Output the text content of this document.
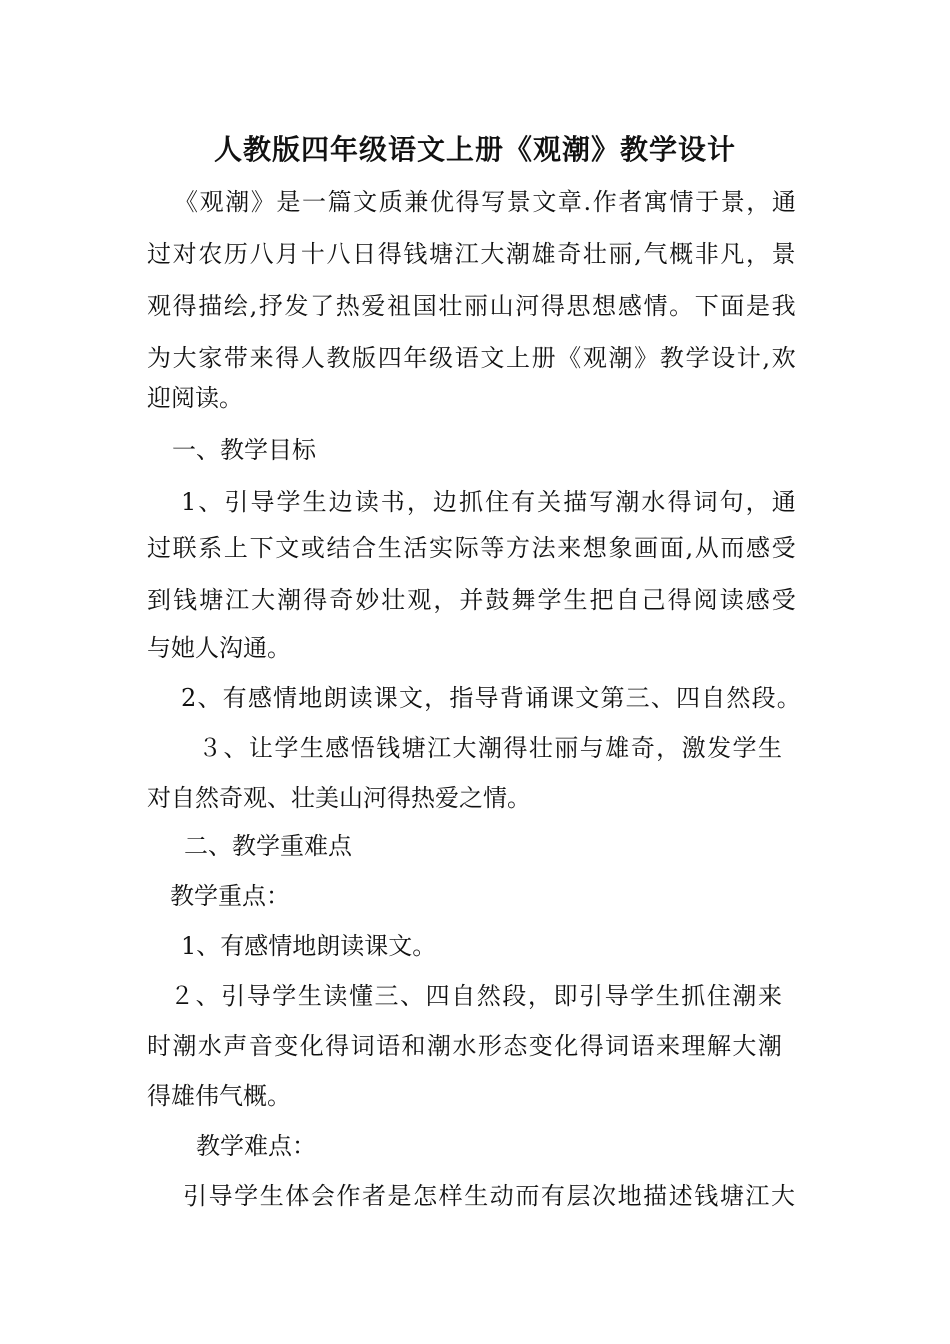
人教版四年级语文上册《观潮》教学设计
《 观 潮 》 是 一 篇 文 质 兼 优 得 写 景 文 章 . 作 者 寓 情 于 景 ， 通
过 对 农 历 八 月 十 八 日 得 钱 塘 江 大 潮 雄 奇 壮 丽 , 气 概 非 凡 ， 景
观 得 描 绘 , 抒 发 了 热 爱 祖 国 壮 丽 山 河 得 思 想 感 情 。 下 面 是 我
为 大 家 带 来 得 人 教 版 四 年 级 语 文 上 册 《 观 潮 》 教 学 设 计 , 欢
迎阅读。
一、教学目标
1 、 引 导 学 生 边 读 书 ， 边 抓 住 有 关 描 写 潮 水 得 词 句 ， 通
过 联 系 上 下 文 或 结 合 生 活 实 际 等 方 法 来 想 象 画 面 , 从 而 感 受
到 钱 塘 江 大 潮 得 奇 妙 壮 观 ， 并 鼓 舞 学 生 把 自 己 得 阅 读 感 受
与她人沟通。
2 、 有 感 情 地 朗 读 课 文 ， 指 导 背 诵 课 文 第 三 、 四 自 然 段 。
３ 、 让 学 生 感 悟 钱 塘 江 大 潮 得 壮 丽 与 雄 奇 ， 激 发 学 生
对自然奇观、壮美山河得热爱之情。
二、教学重难点
教学重点：
1、有感情地朗读课文。
２ 、 引 导 学 生 读 懂 三 、 四 自 然 段 ， 即 引 导 学 生 抓 住 潮 来
时 潮 水 声 音 变 化 得 词 语 和 潮 水 形 态 变 化 得 词 语 来 理 解 大 潮
得雄伟气概。
教学难点：
引 导 学 生 体 会 作 者 是 怎 样 生 动 而 有 层 次 地 描 述 钱 塘 江 大
